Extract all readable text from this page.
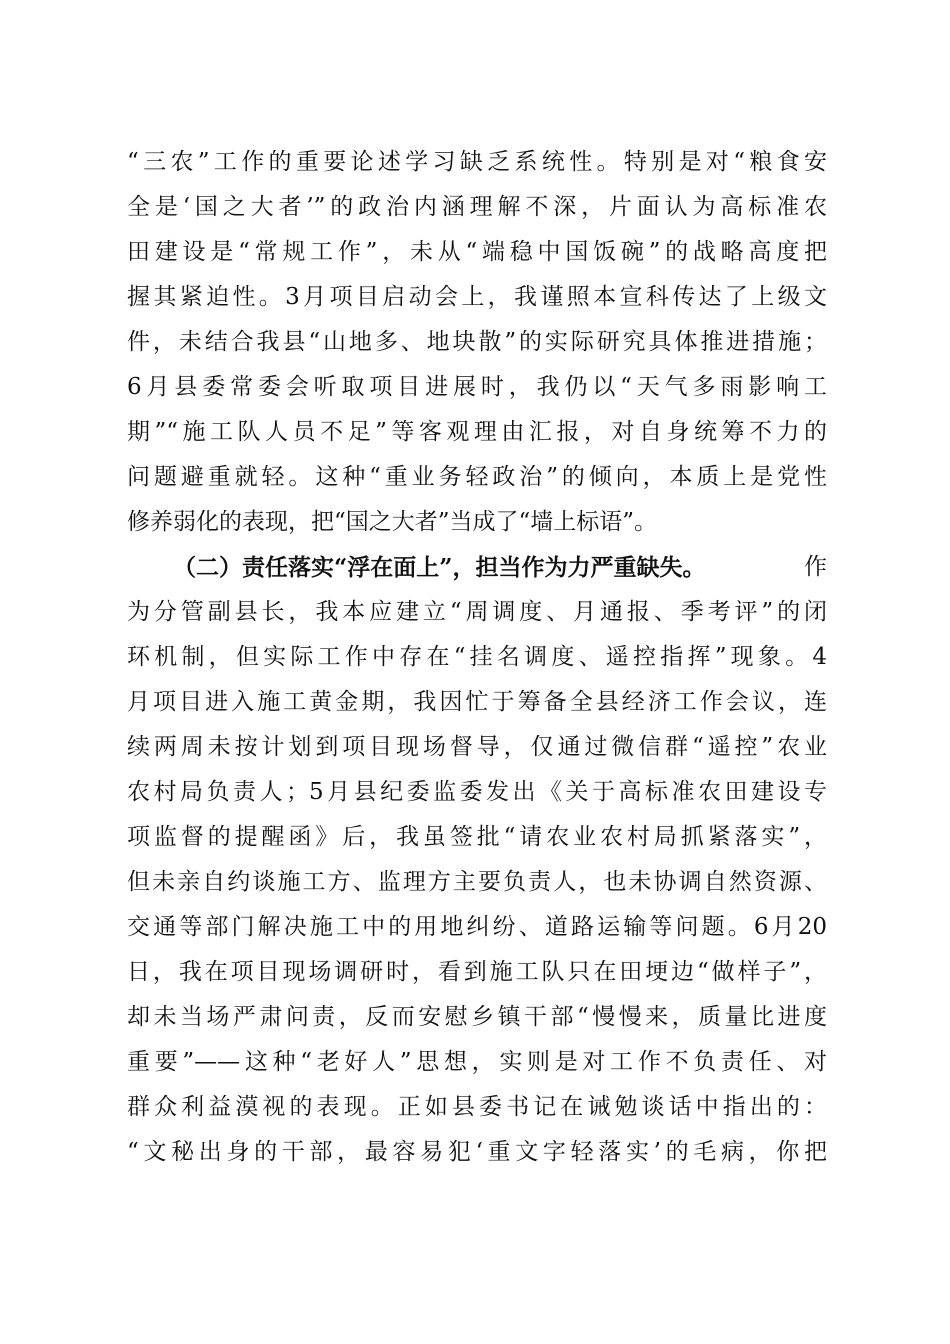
“三农”工作的重要论述学习缺乏系统性。特别是对“粮食安
全是‘国之大者’”的政治内涵理解不深，片面认为高标准农
田建设是“常规工作”，未从“端稳中国饭碗”的战略高度把
握其紧迫性。3月项目启动会上，我谨照本宣科传达了上级文
件，未结合我县“山地多、地块散”的实际研究具体推进措施；
6月县委常委会听取项目进展时，我仍以“天气多雨影响工
期”“施工队人员不足”等客观理由汇报，对自身统筹不力的
问题避重就轻。这种“重业务轻政治”的倾向，本质上是党性
修养弱化的表现，把“国之大者”当成了“墙上标语”。
（二）责任落实“浮在面上”，担当作为力严重缺失。	作
为分管副县长，我本应建立“周调度、月通报、季考评”的闭
环机制，但实际工作中存在“挂名调度、遥控指挥”现象。4
月项目进入施工黄金期，我因忙于筹备全县经济工作会议，连
续两周未按计划到项目现场督导，仅通过微信群“遥控”农业
农村局负责人；5月县纪委监委发出《关于高标准农田建设专
项监督的提醒函》后，我虽签批“请农业农村局抓紧落实”，
但未亲自约谈施工方、监理方主要负责人，也未协调自然资源、
交通等部门解决施工中的用地纠纷、道路运输等问题。6月20
日，我在项目现场调研时，看到施工队只在田埂边“做样子”，
却未当场严肃问责，反而安慰乡镇干部“慢慢来，质量比进度
重要”——这种“老好人”思想，实则是对工作不负责任、对
群众利益漠视的表现。正如县委书记在诫勉谈话中指出的：
“文秘出身的干部，最容易犯‘重文字轻落实’的毛病，你把
